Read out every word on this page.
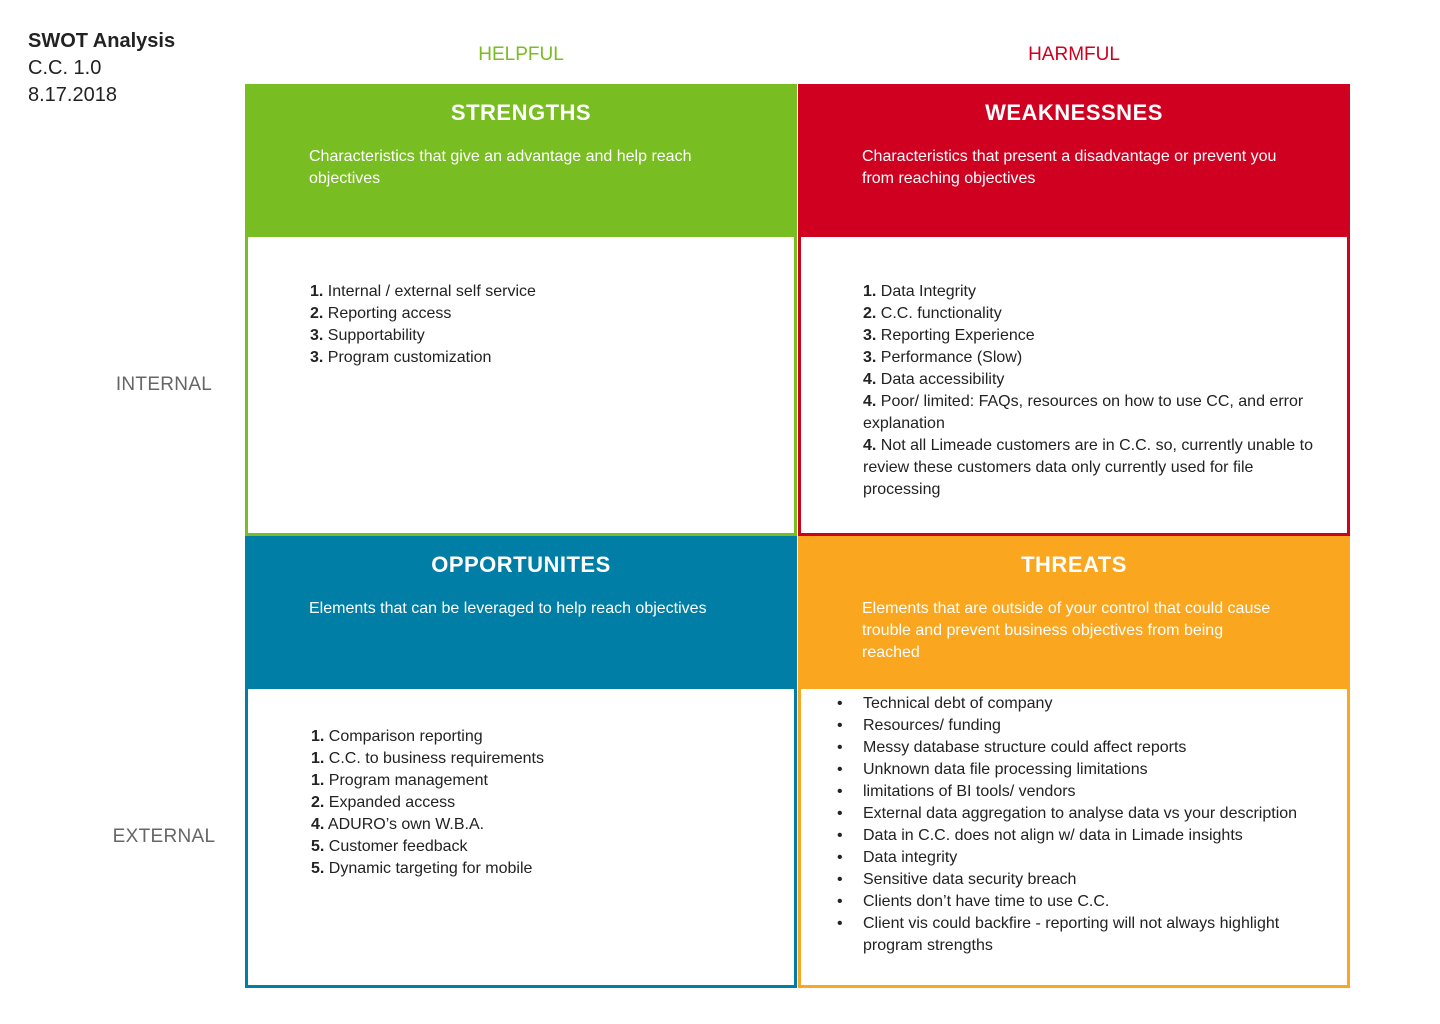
SWOT Analysis
C.C. 1.0
8.17.2018
HELPFUL	HARMFUL
INTERNAL
EXTERNAL
STRENGTHS
Characteristics that give an advantage and help reach objectives
1. Internal / external self service
2. Reporting access
3. Supportability
3. Program customization
WEAKNESSNES
Characteristics that present a disadvantage or prevent you from reaching objectives
1. Data Integrity
2. C.C. functionality
3. Reporting Experience
3. Performance (Slow)
4. Data accessibility
4. Poor/ limited: FAQs, resources on how to use CC, and error explanation
4. Not all Limeade customers are in C.C. so, currently unable to review these customers data only currently used for file processing
OPPORTUNITES
Elements that can be leveraged to help reach objectives
1. Comparison reporting
1. C.C. to business requirements
1. Program management
2. Expanded access
4. ADURO’s own W.B.A.
5. Customer feedback
5. Dynamic targeting for mobile
THREATS
Elements that are outside of your control that could cause trouble and prevent business objectives from being reached
• Technical debt of company
• Resources/ funding
• Messy database structure could affect reports
• Unknown data file processing limitations
• limitations of BI tools/ vendors
• External data aggregation to analyse data vs your description
• Data in C.C. does not align w/ data in Limade insights
• Data integrity
• Sensitive data security breach
• Clients don’t have time to use C.C.
• Client vis could backfire - reporting will not always highlight program strengths
